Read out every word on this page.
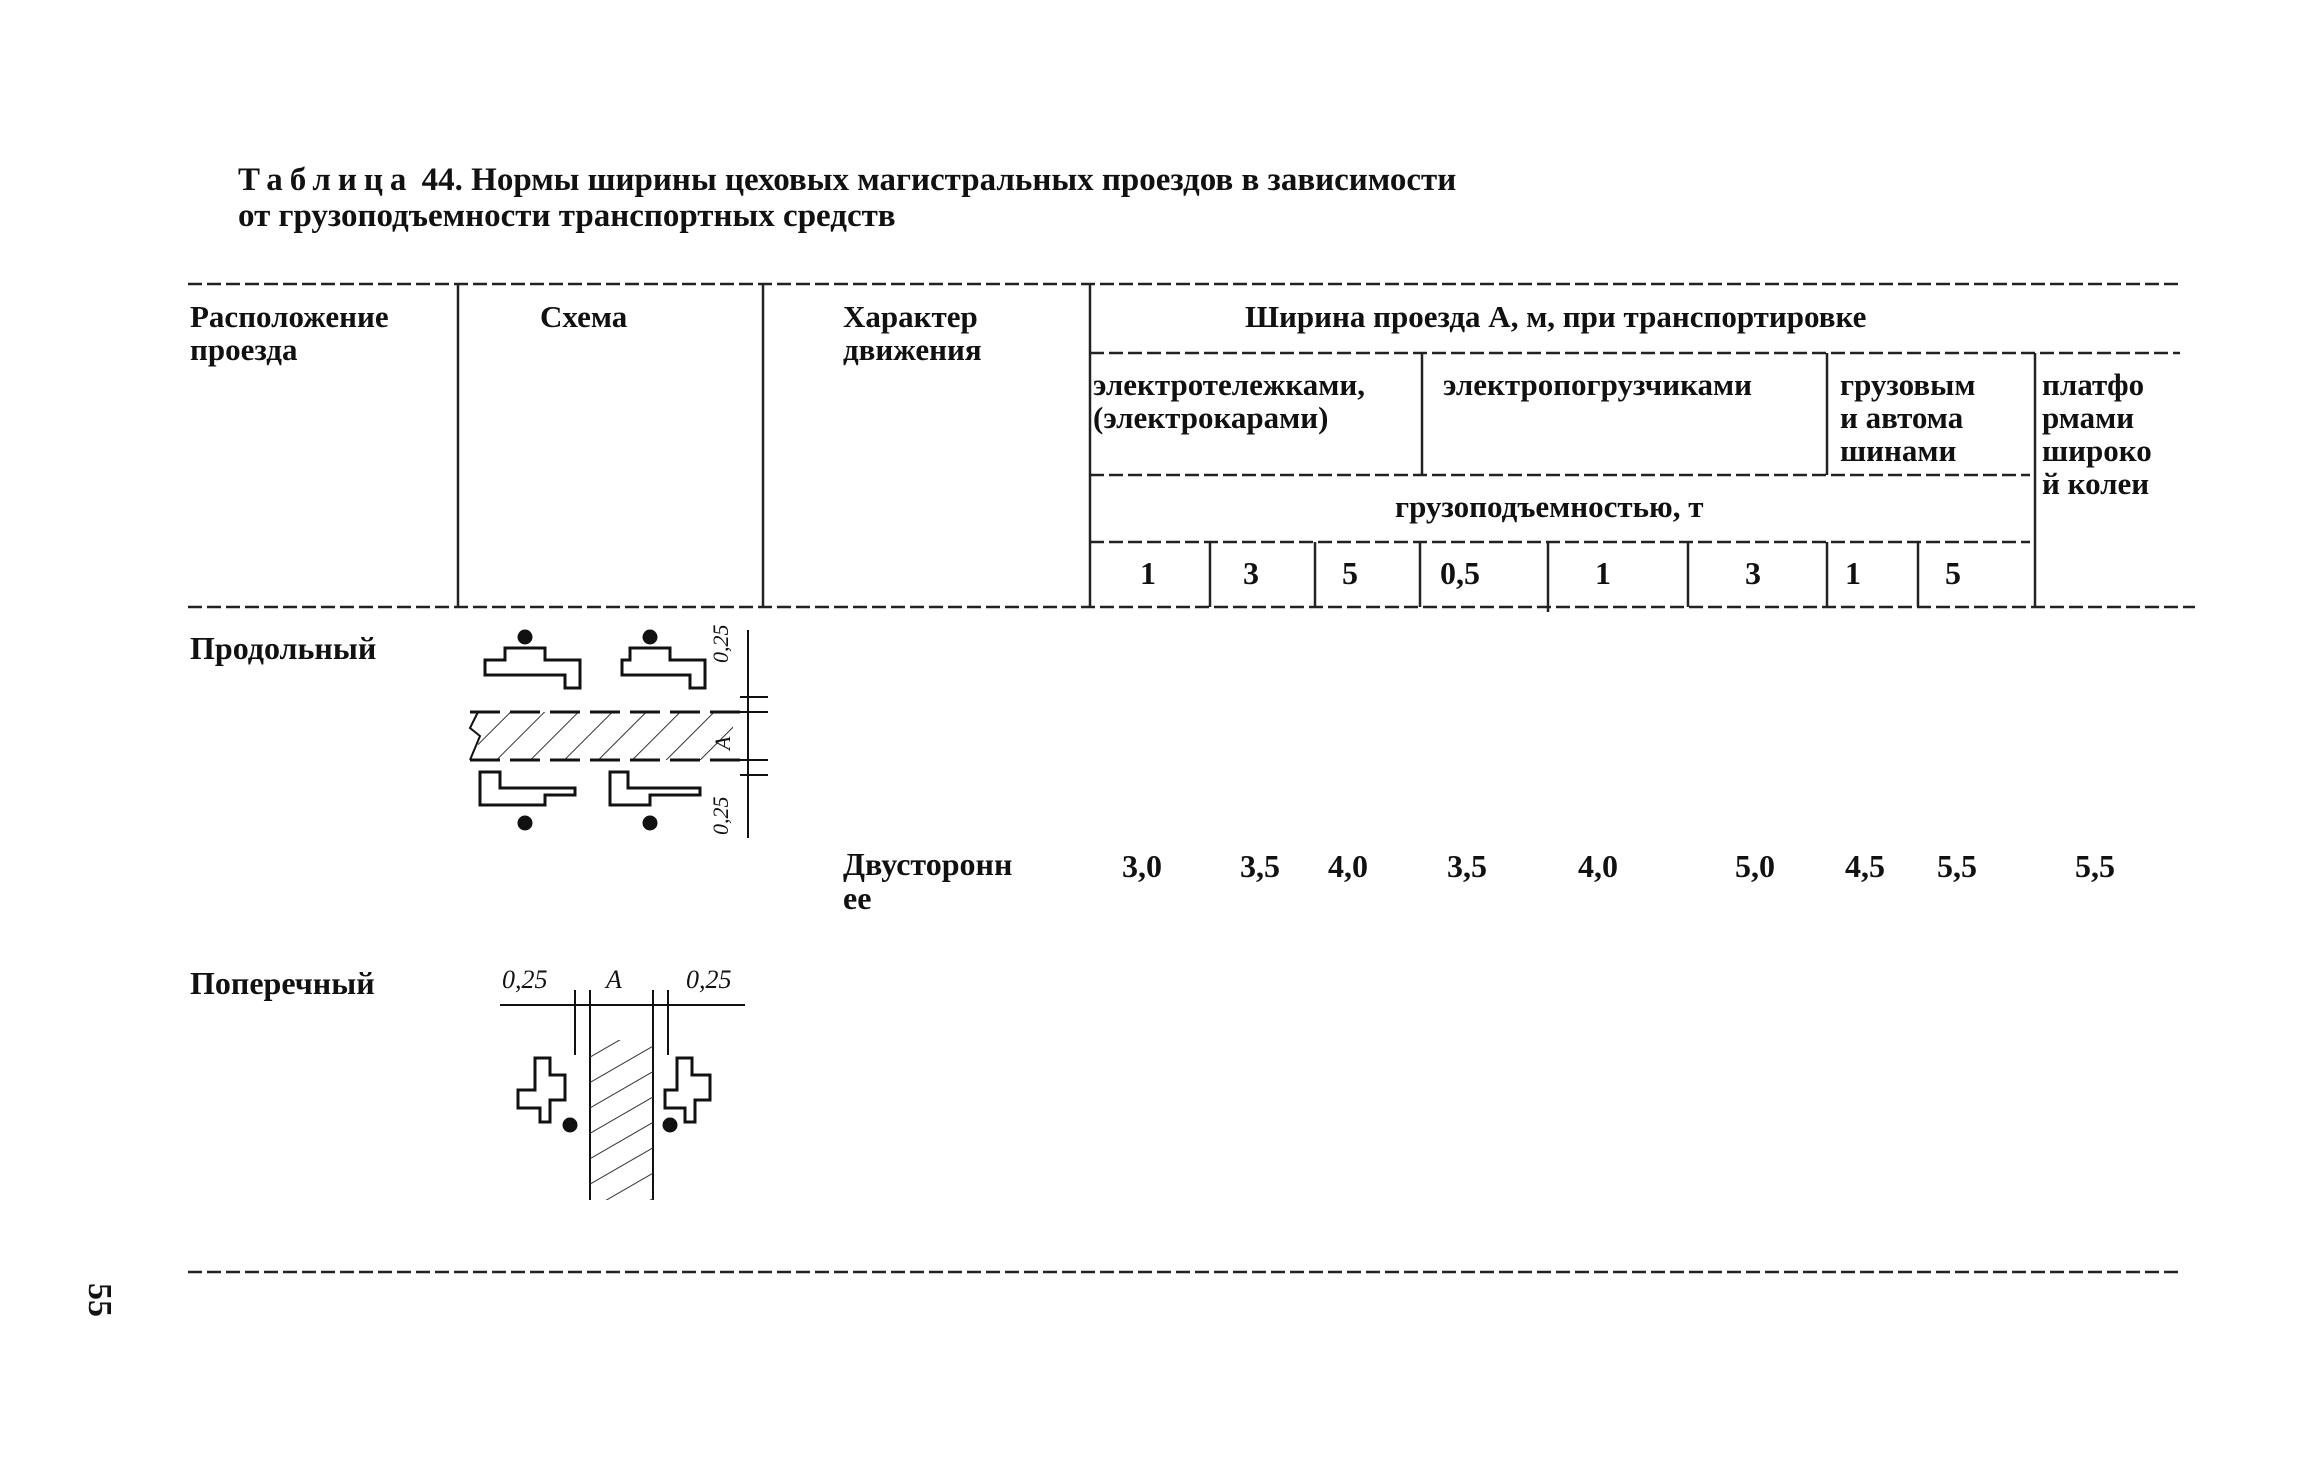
Таблица 44. Нормы ширины цеховых магистральных проездов в зависимости
от грузоподъемности транспортных средств
Расположение проезда
Схема	Характер движения
Ширина проезда A, м, при транспортировке
электротележками, (электрокарами)
электропогрузчиками	грузовыми автомашинами
платформами широкой колеи
грузоподъемностью, т
1	3	5	0,5	1	3	1	5
Продольный
Двустороннее
3,0 3,5 4,0 3,5	4,0	5,0 4,5 5,5	5,5
Поперечный
0,25
A
0,25
0,25 A 0,25
55
